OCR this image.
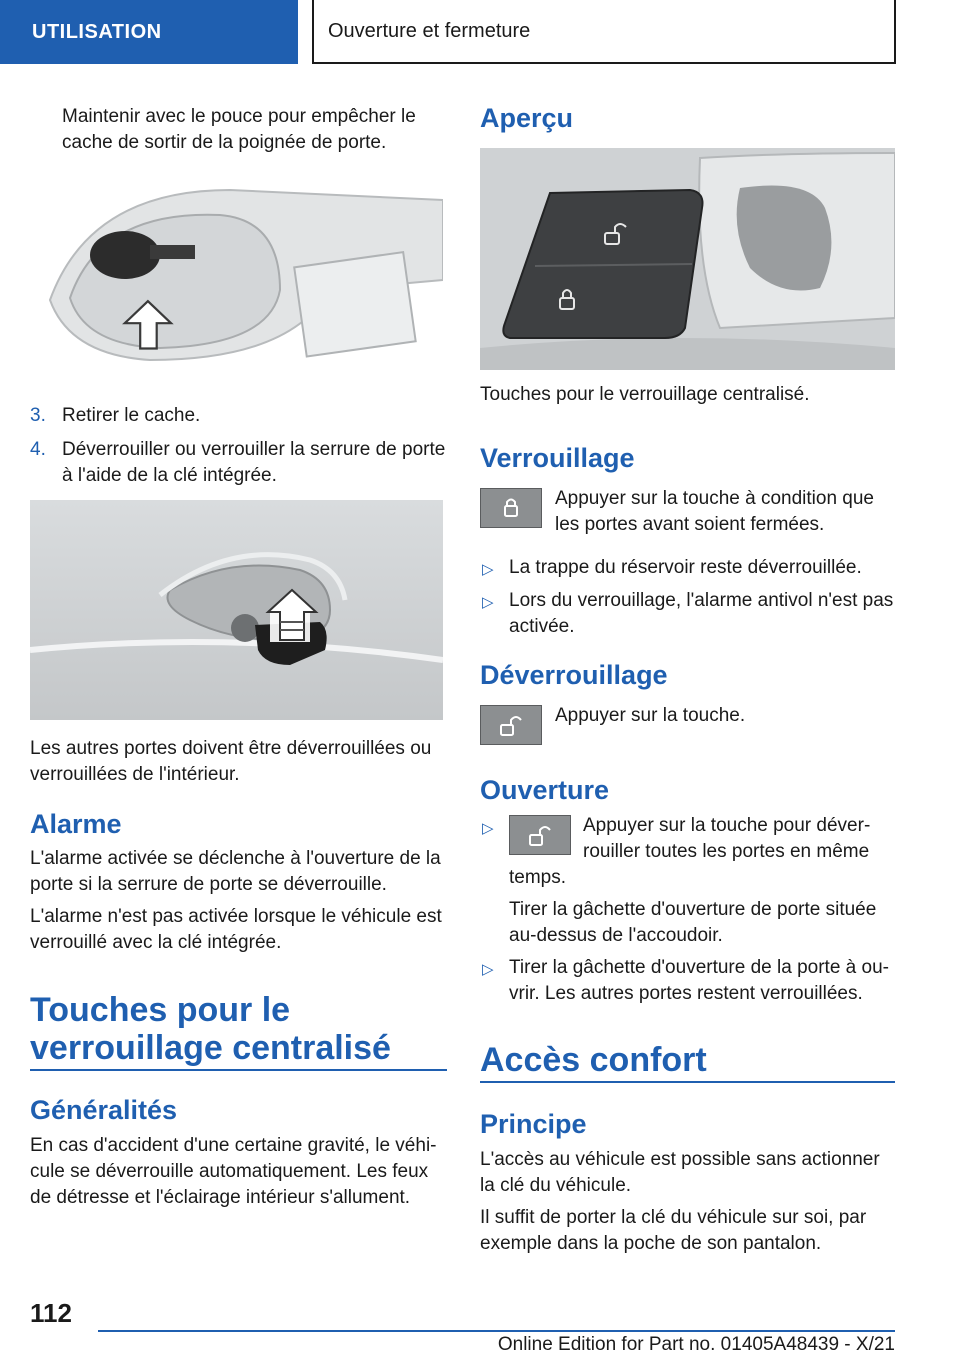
UTILISATION	Ouverture et fermeture

Maintenir avec le pouce pour empêcher le

cache de sortir de la poignée de porte.

3. Retirer le cache.

4. Déverrouiller ou verrouiller la serrure de porte

à l'aide de la clé intégrée.

Les autres portes doivent être déverrouillées ou

verrouillées de l'intérieur.

Alarme

L'alarme activée se déclenche à l'ouverture de la

porte si la serrure de porte se déverrouille.

L'alarme n'est pas activée lorsque le véhicule est

verrouillé avec la clé intégrée.

Touches pour le
verrouillage centralisé
Généralités

En cas d'accident d'une certaine gravité, le véhi-

cule se déverrouille automatiquement. Les feux

de détresse et l'éclairage intérieur s'allument.

Aperçu

Touches pour le verrouillage centralisé.

Verrouillage

Appuyer sur la touche à condition que

les portes avant soient fermées.

▷ La trappe du réservoir reste déverrouillée.

▷ Lors du verrouillage, l'alarme antivol n'est pas

activée.

Déverrouillage

Appuyer sur la touche.

Ouverture
▷	Appuyer sur la touche pour déver-

rouiller toutes les portes en même

temps.

Tirer la gâchette d'ouverture de porte située

au-dessus de l'accoudoir.

▷ Tirer la gâchette d'ouverture de la porte à ou-

vrir. Les autres portes restent verrouillées.

Accès confort
Principe

L'accès au véhicule est possible sans actionner

la clé du véhicule.

Il suffit de porter la clé du véhicule sur soi, par

exemple dans la poche de son pantalon.

112
Online Edition for Part no. 01405A48439 - X/21
